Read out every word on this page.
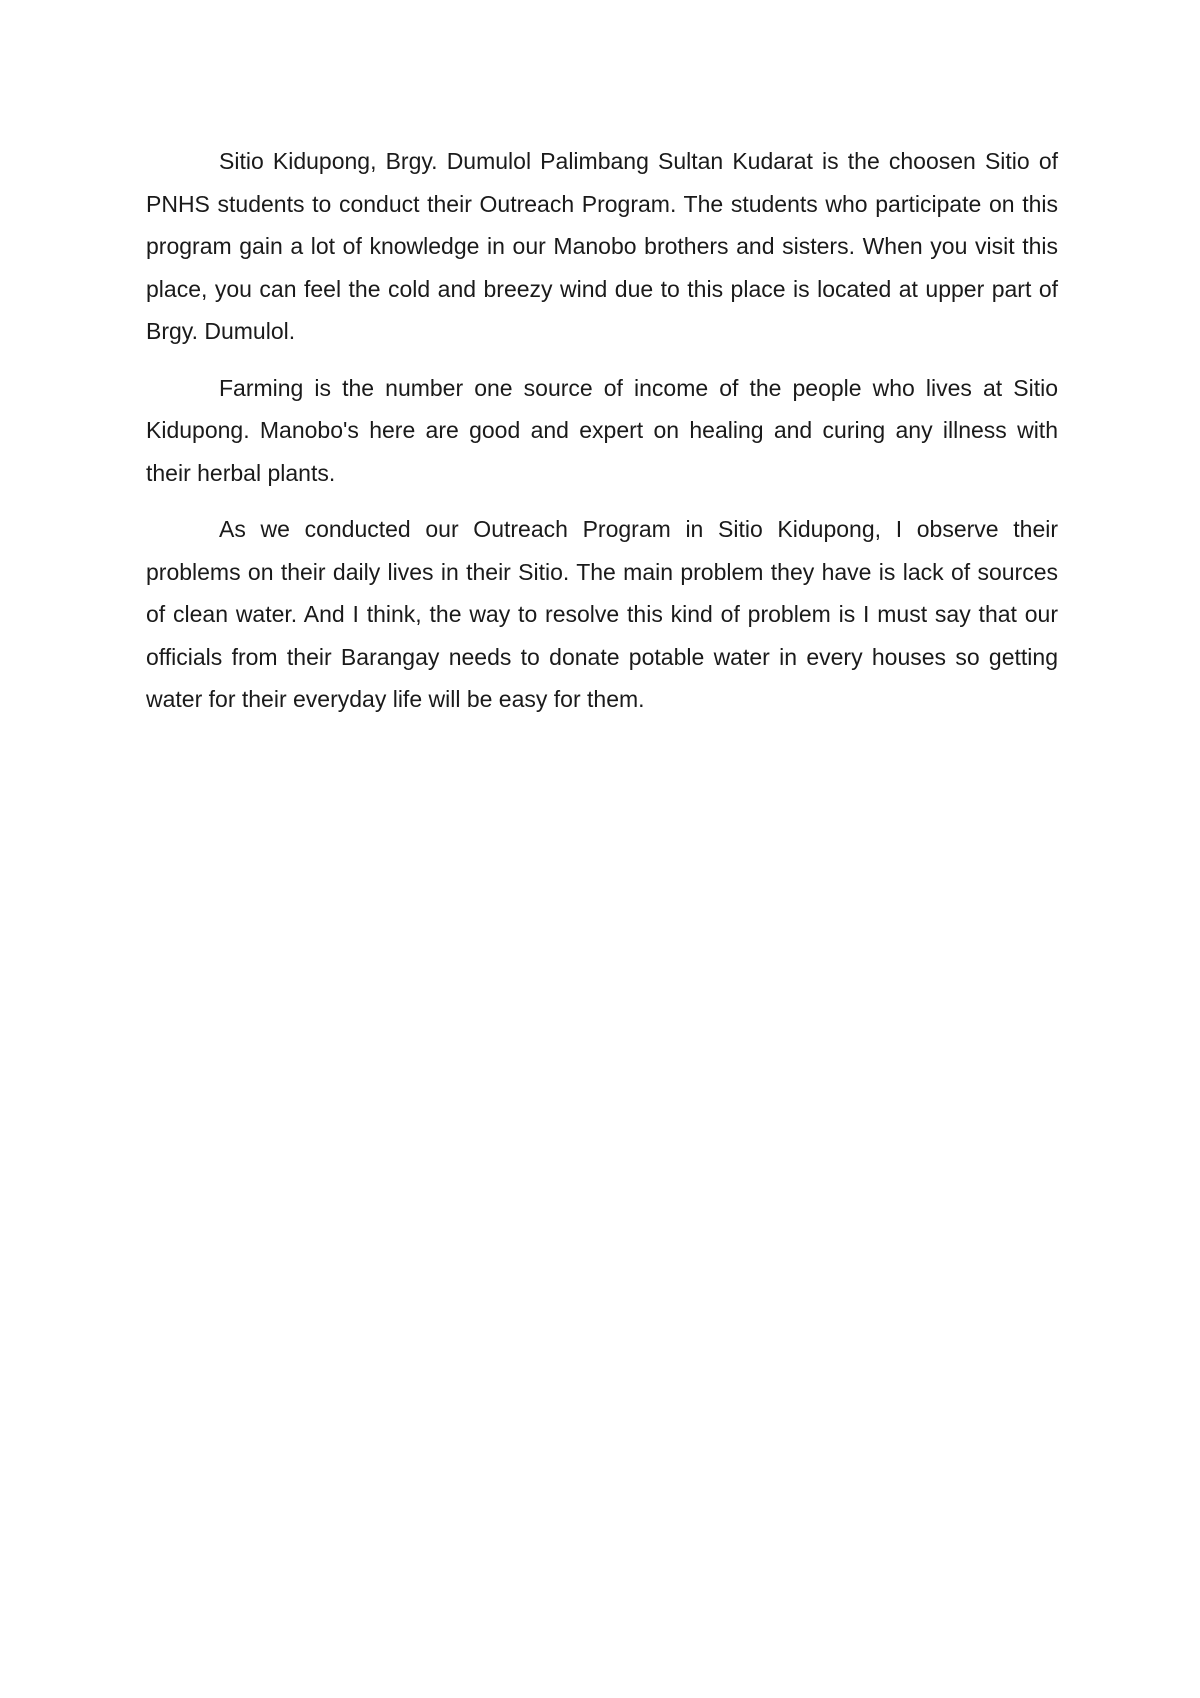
Sitio Kidupong, Brgy. Dumulol Palimbang Sultan Kudarat is the choosen Sitio of PNHS students to conduct their Outreach Program. The students who participate on this program gain a lot of knowledge in our Manobo brothers and sisters. When you visit this place, you can feel the cold and breezy wind due to this place is located at upper part of Brgy. Dumulol.

Farming is the number one source of income of the people who lives at Sitio Kidupong. Manobo's here are good and expert on healing and curing any illness with their herbal plants.

As we conducted our Outreach Program in Sitio Kidupong, I observe their problems on their daily lives in their Sitio. The main problem they have is lack of sources of clean water. And I think, the way to resolve this kind of problem is I must say that our officials from their Barangay needs to donate potable water in every houses so getting water for their everyday life will be easy for them.
